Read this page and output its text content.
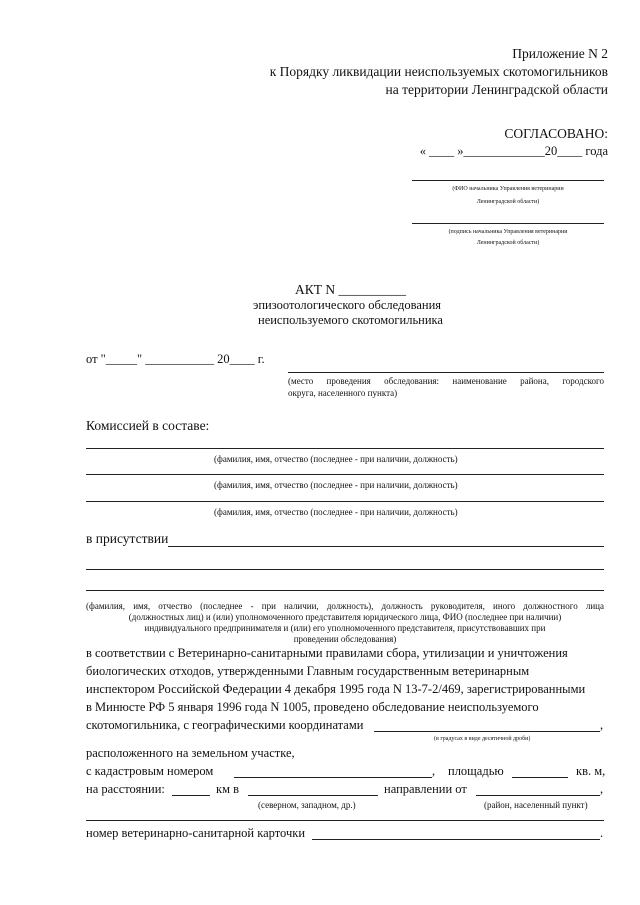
Приложение N 2
к Порядку ликвидации неиспользуемых скотомогильников
на территории Ленинградской области
СОГЛАСОВАНО:
« ____ »_____________20____ года
(ФИО начальника Управления ветеринарии
Ленинградской области)
(подпись начальника Управления ветеринарии
Ленинградской области)
АКТ N __________
эпизоотологического обследования
неиспользуемого скотомогильника
от "_____" ___________ 20____ г.
(место проведения обследования: наименование района, городского
округа, населенного пункта)
Комиссией в составе:
(фамилия, имя, отчество (последнее - при наличии, должность)
(фамилия, имя, отчество (последнее - при наличии, должность)
(фамилия, имя, отчество (последнее - при наличии, должность)
в присутствии
(фамилия, имя, отчество (последнее - при наличии, должность), должность руководителя, иного должностного лица
(должностных лиц) и (или) уполномоченного представителя юридического лица, ФИО (последнее при наличии)
индивидуального предпринимателя и (или) его уполномоченного представителя, присутствовавших при
проведении обследования)
в соответствии с Ветеринарно-санитарными правилами сбора, утилизации и уничтожения
биологических отходов, утвержденными Главным государственным ветеринарным
инспектором Российской Федерации 4 декабря 1995 года N 13-7-2/469, зарегистрированными
в Минюсте РФ 5 января 1996 года N 1005, проведено обследование неиспользуемого
скотомогильника, с географическими координатами	,
(в градусах в виде десятичной дроби)
расположенного на земельном участке,
с кадастровым номером	, площадью	кв. м,
на расстоянии:	км в	направлении от	,
(северном, западном, др.)	(район, населенный пункт)
номер ветеринарно-санитарной карточки	.
